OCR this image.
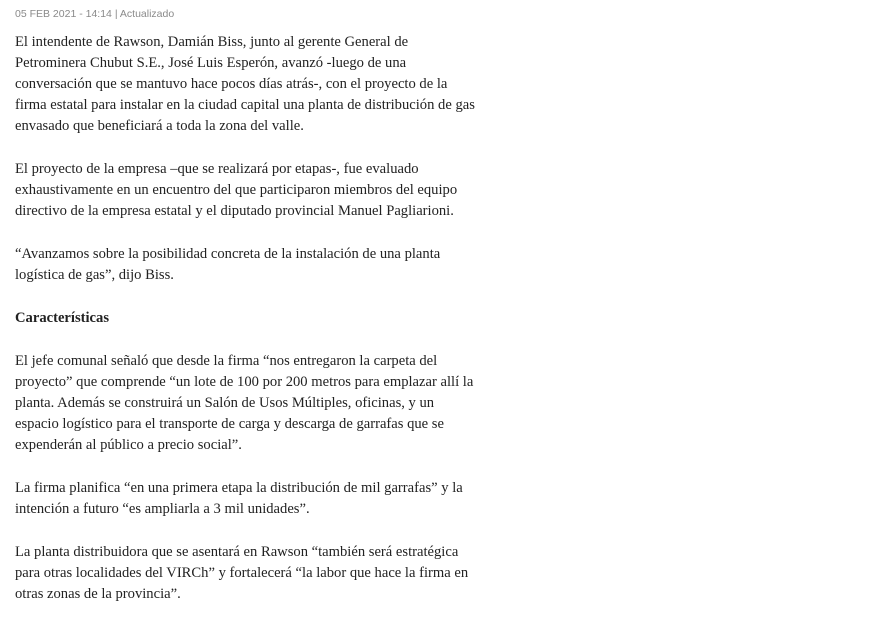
05 FEB 2021 - 14:14 | Actualizado

El intendente de Rawson, Damián Biss, junto al gerente General de Petrominera Chubut S.E., José Luis Esperón, avanzó -luego de una conversación que se mantuvo hace pocos días atrás-, con el proyecto de la firma estatal para instalar en la ciudad capital una planta de distribución de gas envasado que beneficiará a toda la zona del valle.

El proyecto de la empresa –que se realizará por etapas-, fue evaluado exhaustivamente en un encuentro del que participaron miembros del equipo directivo de la empresa estatal y el diputado provincial Manuel Pagliarioni.

“Avanzamos sobre la posibilidad concreta de la instalación de una planta logística de gas”, dijo Biss.

Características

El jefe comunal señaló que desde la firma “nos entregaron la carpeta del proyecto” que comprende “un lote de 100 por 200 metros para emplazar allí la planta. Además se construirá un Salón de Usos Múltiples, oficinas, y un espacio logístico para el transporte de carga y descarga de garrafas que se expenderán al público a precio social”.

La firma planifica “en una primera etapa la distribución de mil garrafas” y la intención a futuro “es ampliarla a 3 mil unidades”.

La planta distribuidora que se asentará en Rawson “también será estratégica para otras localidades del VIRCh” y fortalecerá “la labor que hace la firma en otras zonas de la provincia”.
